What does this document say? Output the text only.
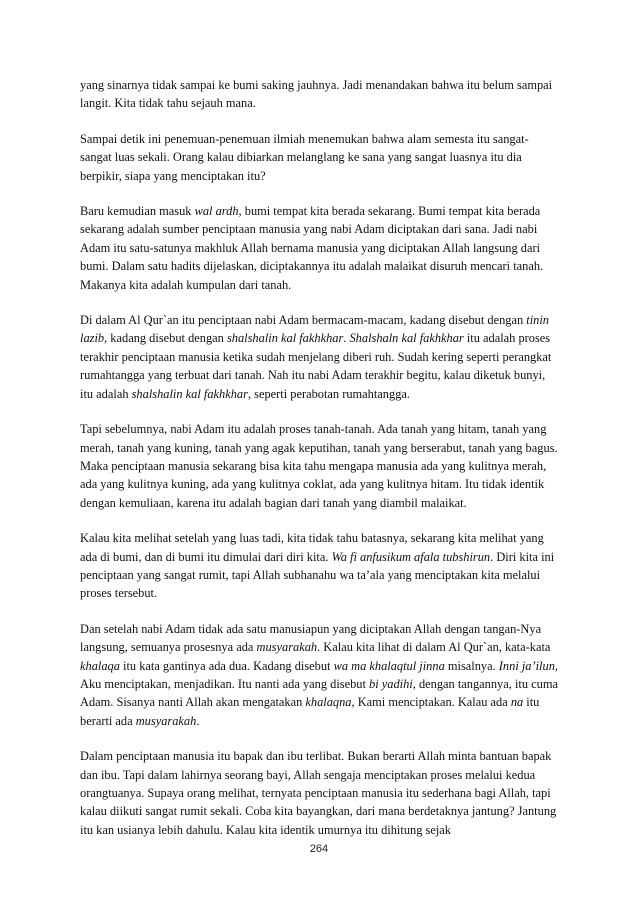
yang sinarnya tidak sampai ke bumi saking jauhnya. Jadi menandakan bahwa itu belum sampai langit. Kita tidak tahu sejauh mana.

Sampai detik ini penemuan-penemuan ilmiah menemukan bahwa alam semesta itu sangat-sangat luas sekali. Orang kalau dibiarkan melanglang ke sana yang sangat luasnya itu dia berpikir, siapa yang menciptakan itu?

Baru kemudian masuk wal ardh, bumi tempat kita berada sekarang. Bumi tempat kita berada sekarang adalah sumber penciptaan manusia yang nabi Adam diciptakan dari sana. Jadi nabi Adam itu satu-satunya makhluk Allah bernama manusia yang diciptakan Allah langsung dari bumi. Dalam satu hadits dijelaskan, diciptakannya itu adalah malaikat disuruh mencari tanah. Makanya kita adalah kumpulan dari tanah.

Di dalam Al Qur`an itu penciptaan nabi Adam bermacam-macam, kadang disebut dengan tinin lazib, kadang disebut dengan shalshalin kal fakhkhar. Shalshaln kal fakhkhar itu adalah proses terakhir penciptaan manusia ketika sudah menjelang diberi ruh. Sudah kering seperti perangkat rumahtangga yang terbuat dari tanah. Nah itu nabi Adam terakhir begitu, kalau diketuk bunyi, itu adalah shalshalin kal fakhkhar, seperti perabotan rumahtangga.

Tapi sebelumnya, nabi Adam itu adalah proses tanah-tanah. Ada tanah yang hitam, tanah yang merah, tanah yang kuning, tanah yang agak keputihan, tanah yang berserabut, tanah yang bagus. Maka penciptaan manusia sekarang bisa kita tahu mengapa manusia ada yang kulitnya merah, ada yang kulitnya kuning, ada yang kulitnya coklat, ada yang kulitnya hitam. Itu tidak identik dengan kemuliaan, karena itu adalah bagian dari tanah yang diambil malaikat.

Kalau kita melihat setelah yang luas tadi, kita tidak tahu batasnya, sekarang kita melihat yang ada di bumi, dan di bumi itu dimulai dari diri kita. Wa fi anfusikum afala tubshirun. Diri kita ini penciptaan yang sangat rumit, tapi Allah subhanahu wa ta’ala yang menciptakan kita melalui proses tersebut.

Dan setelah nabi Adam tidak ada satu manusiapun yang diciptakan Allah dengan tangan-Nya langsung, semuanya prosesnya ada musyarakah. Kalau kita lihat di dalam Al Qur`an, kata-kata khalaqa itu kata gantinya ada dua. Kadang disebut wa ma khalaqtul jinna misalnya. Inni ja’ilun, Aku menciptakan, menjadikan. Itu nanti ada yang disebut bi yadihi, dengan tangannya, itu cuma Adam. Sisanya nanti Allah akan mengatakan khalaqna, Kami menciptakan. Kalau ada na itu berarti ada musyarakah.

Dalam penciptaan manusia itu bapak dan ibu terlibat. Bukan berarti Allah minta bantuan bapak dan ibu. Tapi dalam lahirnya seorang bayi, Allah sengaja menciptakan proses melalui kedua orangtuanya. Supaya orang melihat, ternyata penciptaan manusia itu sederhana bagi Allah, tapi kalau diikuti sangat rumit sekali. Coba kita bayangkan, dari mana berdetaknya jantung? Jantung itu kan usianya lebih dahulu. Kalau kita identik umurnya itu dihitung sejak

264
